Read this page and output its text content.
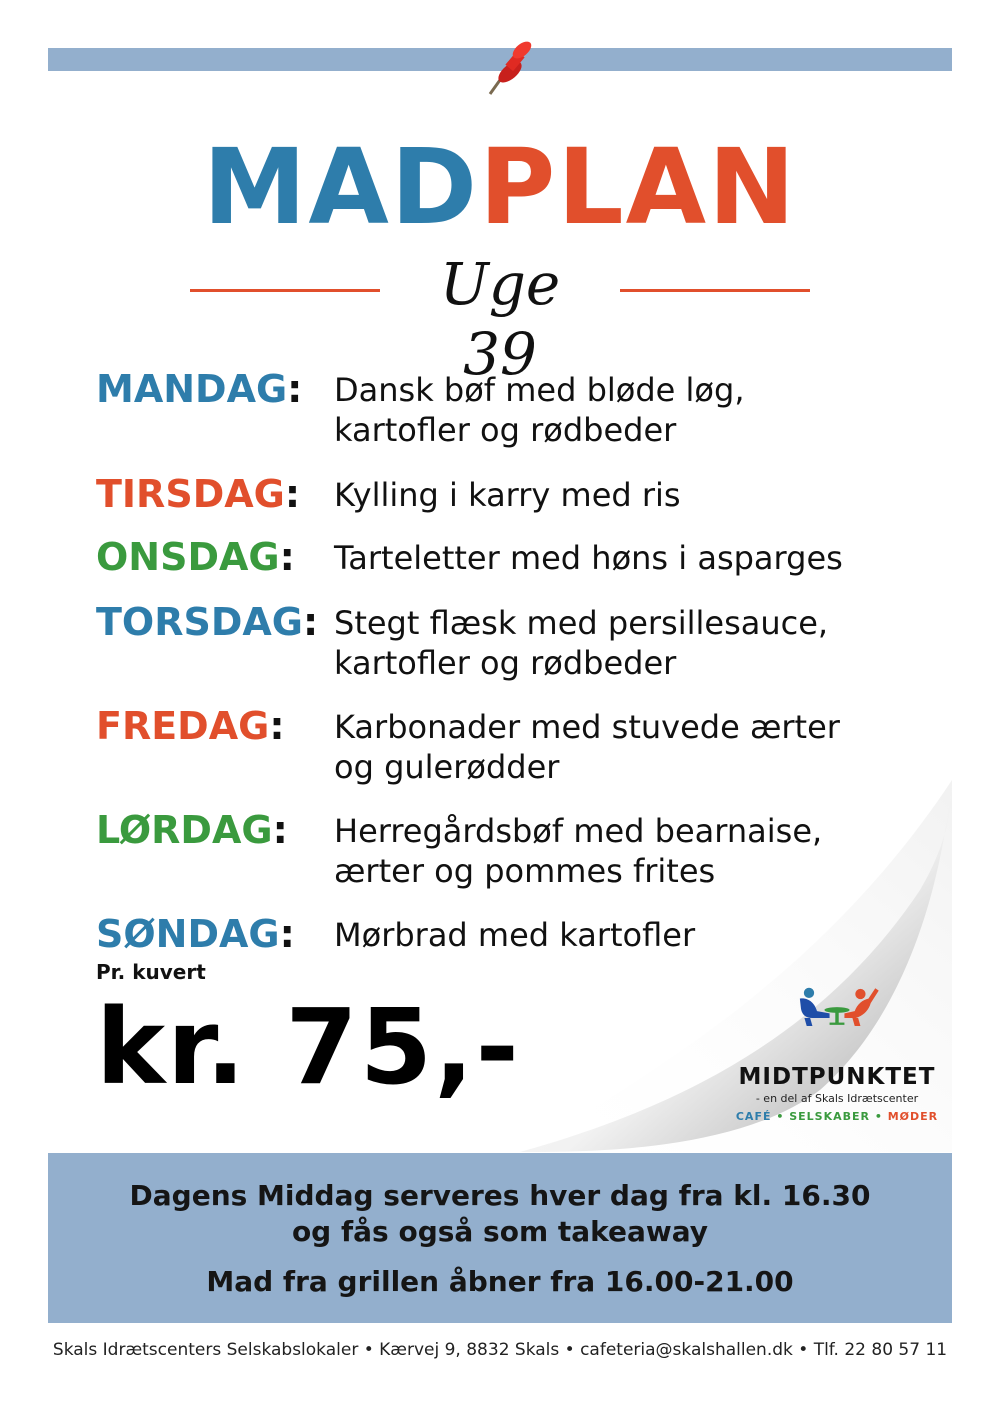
MADPLAN
Uge 39
MANDAG: Dansk bøf med bløde løg,
kartofler og rødbeder
TIRSDAG: Kylling i karry med ris
ONSDAG: Tarteletter med høns i asparges
TORSDAG: Stegt flæsk med persillesauce,
kartofler og rødbeder
FREDAG: Karbonader med stuvede ærter
og gulerødder
LØRDAG: Herregårdsbøf med bearnaise,
ærter og pommes frites
SØNDAG: Mørbrad med kartofler
Pr. kuvert
kr. 75,-	MIDTPUNKTET
- en del af Skals Idrætscenter
CAFÉ • SELSKABER • MØDER
Dagens Middag serveres hver dag fra kl. 16.30
og fås også som takeaway
Mad fra grillen åbner fra 16.00-21.00
Skals Idrætscenters Selskabslokaler • Kærvej 9, 8832 Skals • cafeteria@skalshallen.dk • Tlf. 22 80 57 11
